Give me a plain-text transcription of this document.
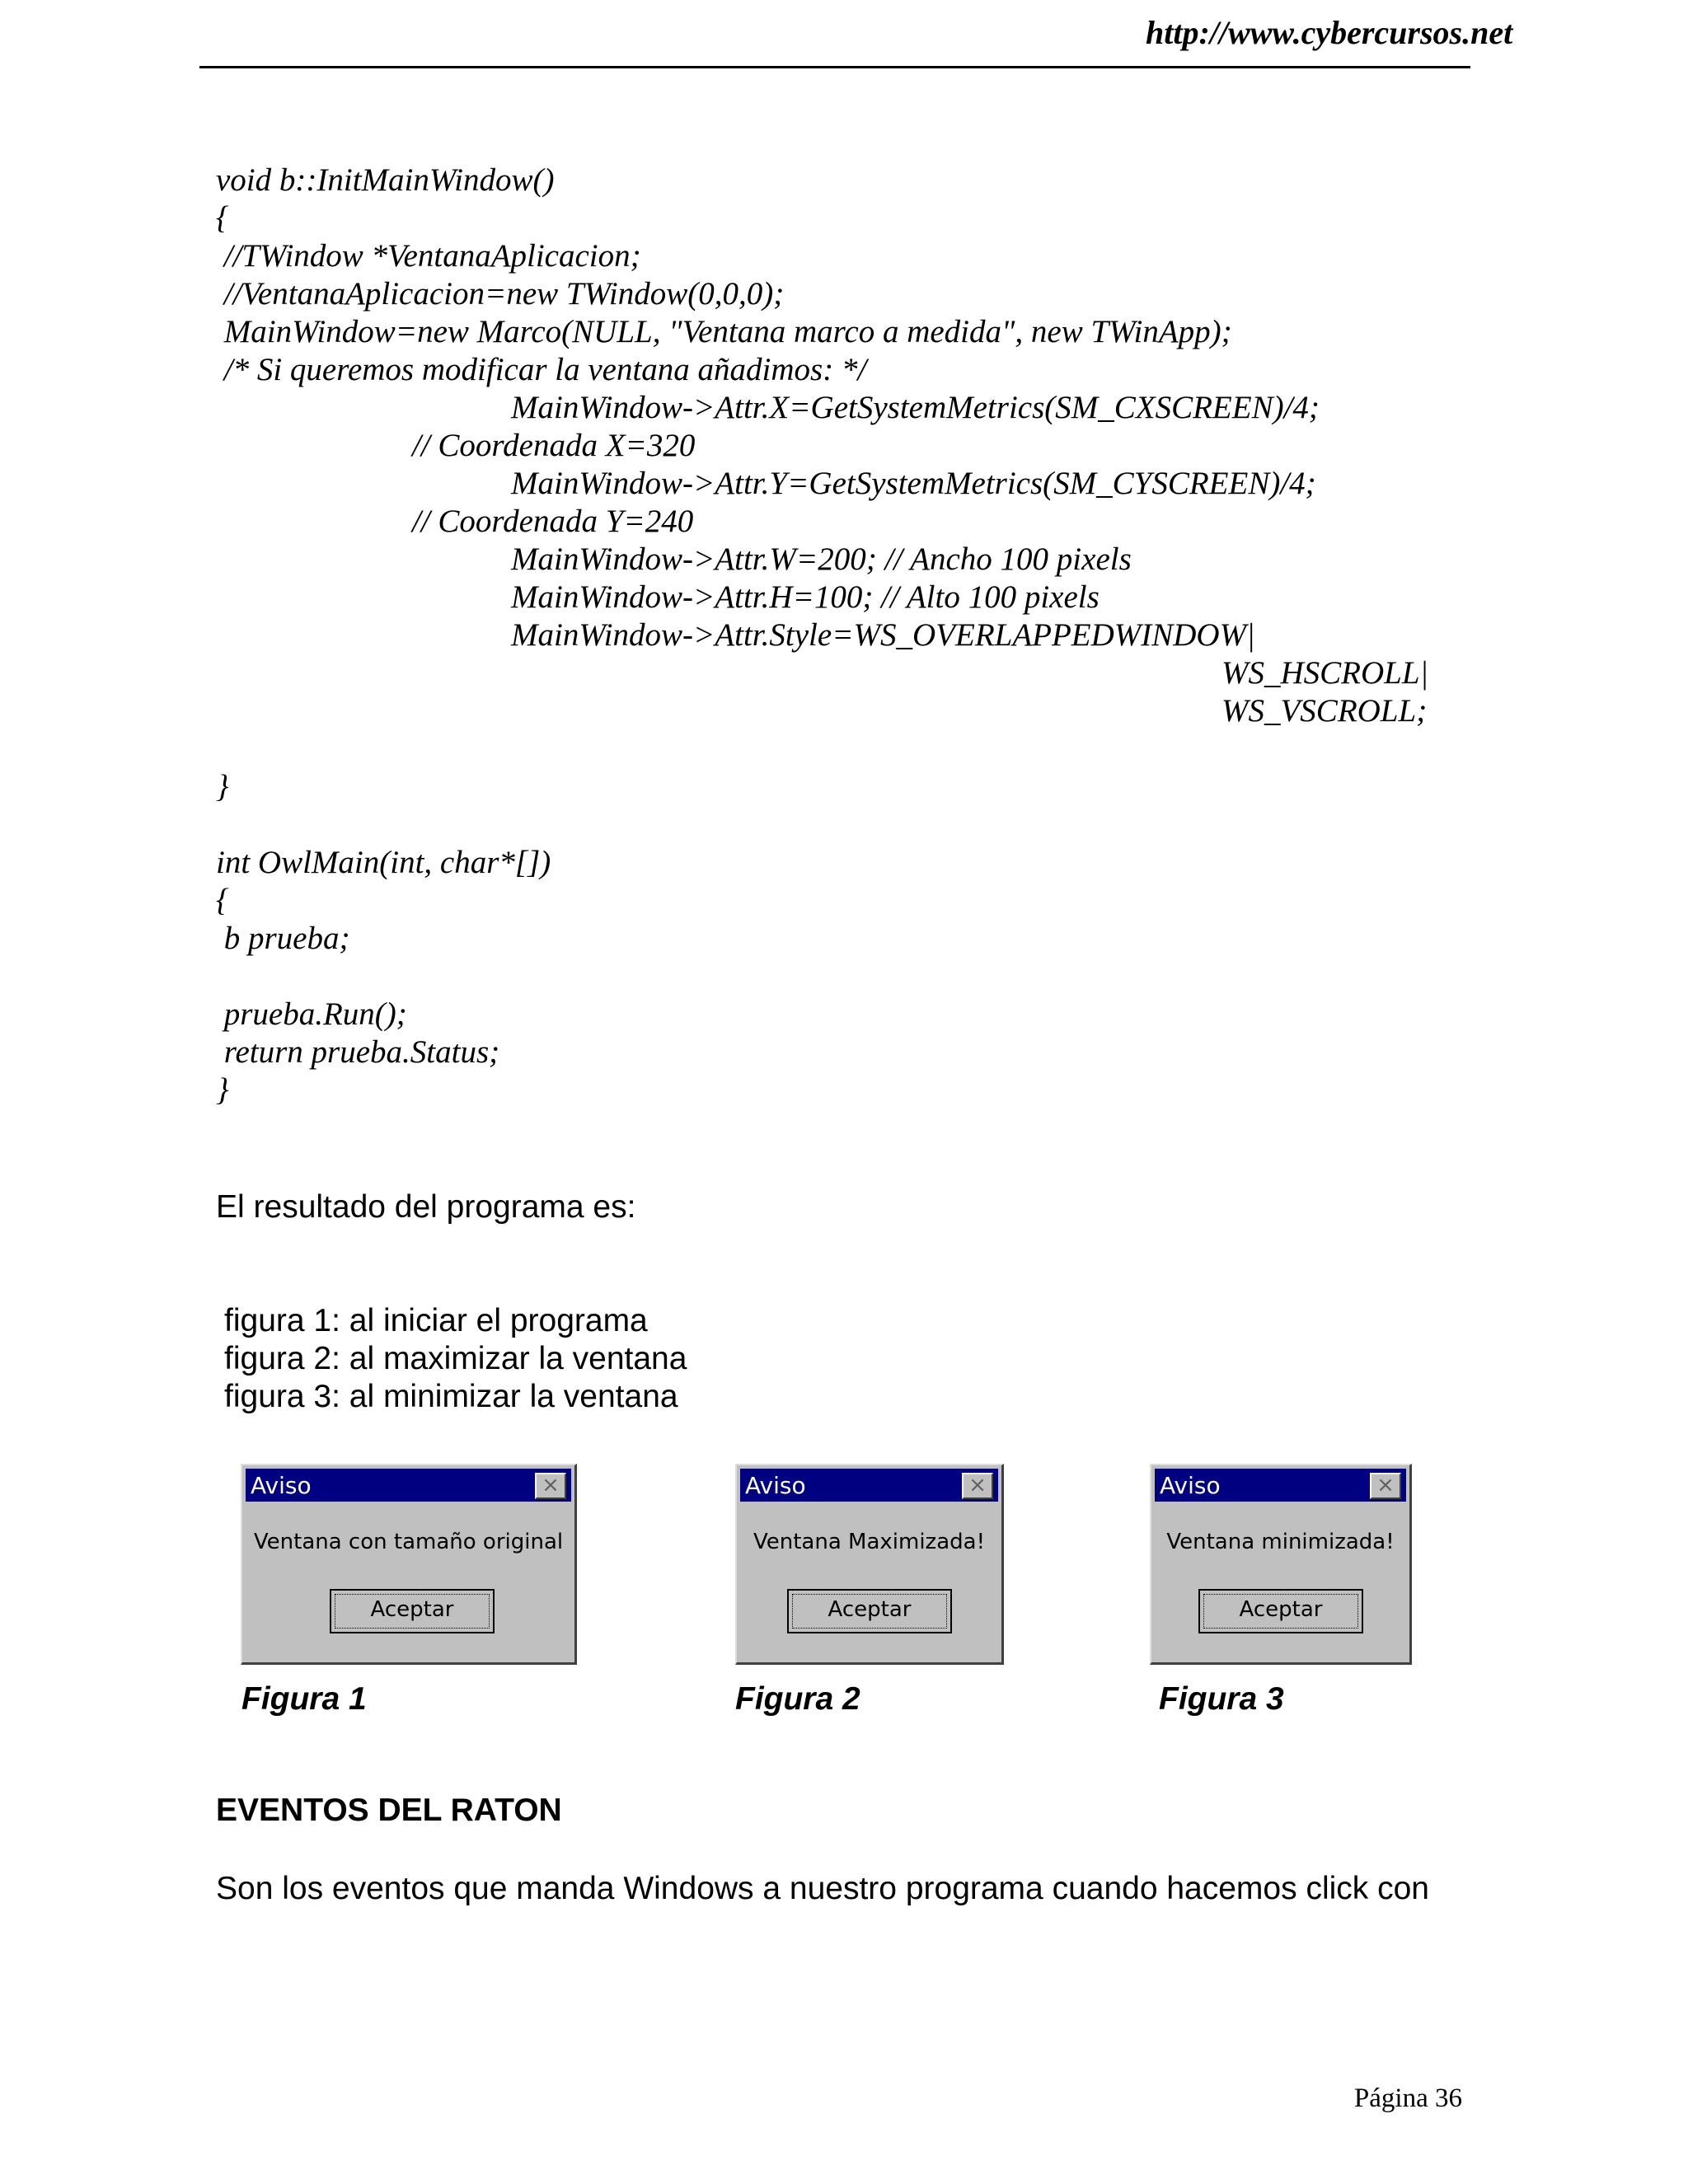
http://www.cybercursos.net
void b::InitMainWindow()
{
//TWindow *VentanaAplicacion;
//VentanaAplicacion=new TWindow(0,0,0);
MainWindow=new Marco(NULL, "Ventana marco a medida", new TWinApp);
/* Si queremos modificar la ventana añadimos: */
MainWindow->Attr.X=GetSystemMetrics(SM_CXSCREEN)/4;
// Coordenada X=320
MainWindow->Attr.Y=GetSystemMetrics(SM_CYSCREEN)/4;
// Coordenada Y=240
MainWindow->Attr.W=200; // Ancho 100 pixels
MainWindow->Attr.H=100; // Alto 100 pixels
MainWindow->Attr.Style=WS_OVERLAPPEDWINDOW|
WS_HSCROLL|
WS_VSCROLL;
}
int OwlMain(int, char*[])
{
b prueba;
prueba.Run();
return prueba.Status;
}
El resultado del programa es:
figura 1: al iniciar el programa
figura 2: al maximizar la ventana
figura 3: al minimizar la ventana
Aviso	×
Ventana con tamaño original
Aceptar
Aviso	×
Ventana Maximizada!
Aceptar
Aviso	×
Ventana minimizada!
Aceptar
Figura 1	Figura 2	Figura 3
EVENTOS DEL RATON
Son los eventos que manda Windows a nuestro programa cuando hacemos click con
Página 36
